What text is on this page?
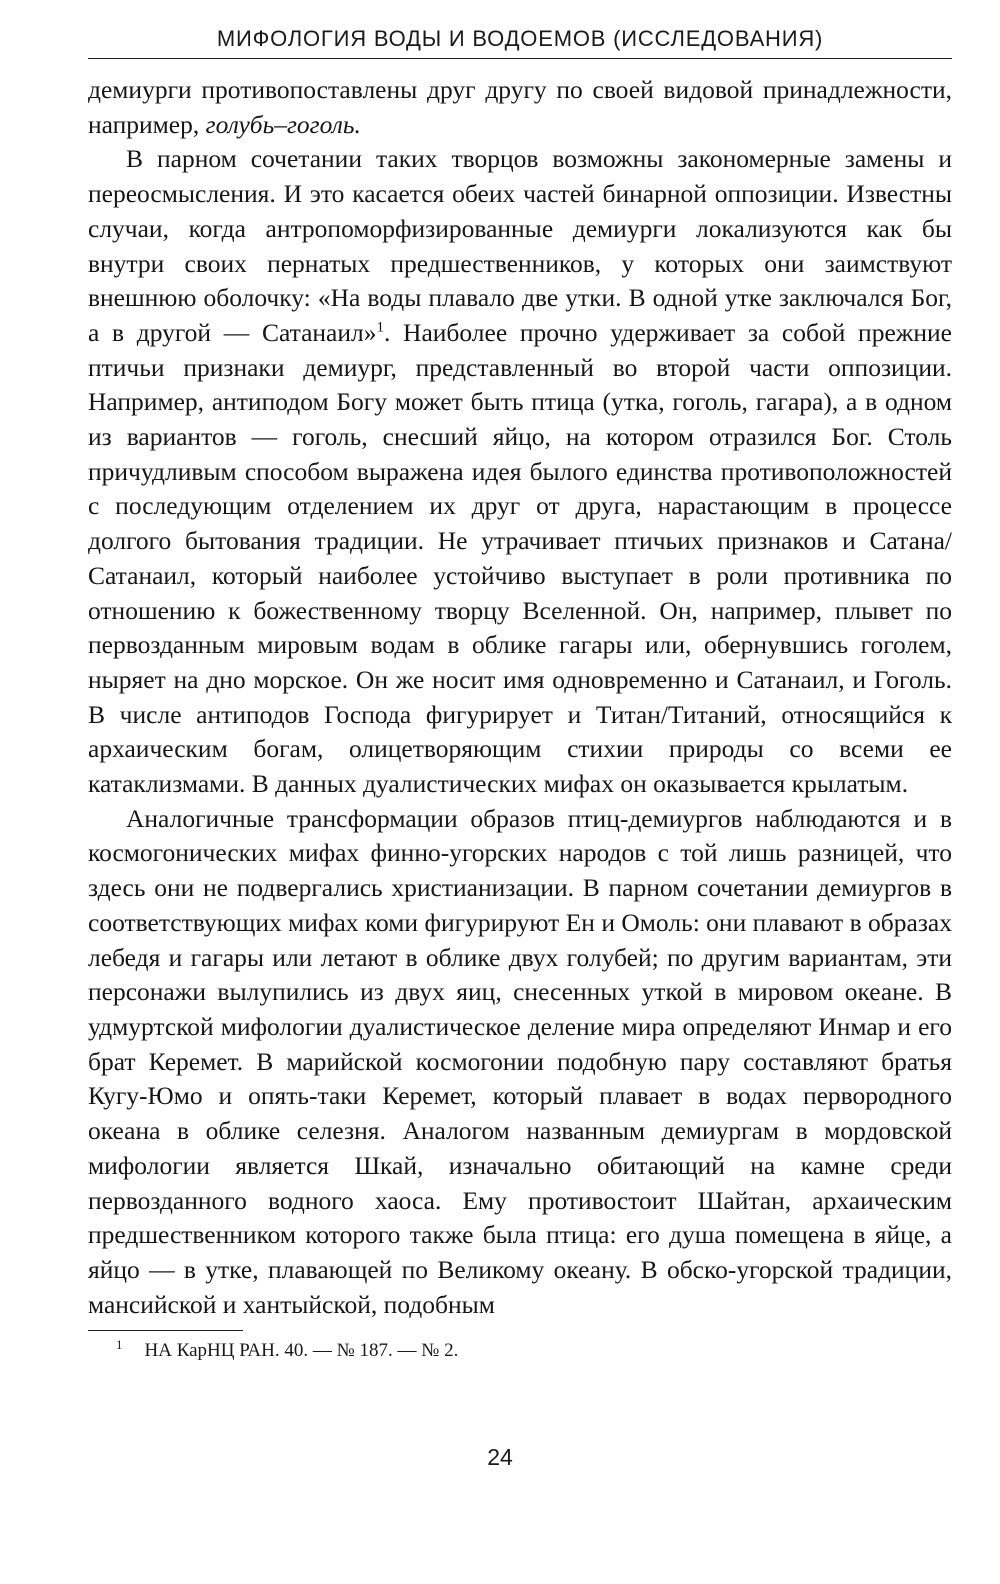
МИФОЛОГИЯ ВОДЫ И ВОДОЕМОВ (ИССЛЕДОВАНИЯ)

демиурги противопоставлены друг другу по своей видовой принадлежности, например, голубь–гоголь.

В парном сочетании таких творцов возможны закономерные замены и переосмысления. И это касается обеих частей бинарной оппозиции. Известны случаи, когда антропоморфизированные демиурги локализуются как бы внутри своих пернатых предшественников, у которых они заимствуют внешнюю оболочку: «На воды плавало две утки. В одной утке заключался Бог, а в другой — Сатанаил»$^1$. Наиболее прочно удерживает за собой прежние птичьи признаки демиург, представленный во второй части оппозиции. Например, антиподом Богу может быть птица (утка, гоголь, гагара), а в одном из вариантов — гоголь, снесший яйцо, на котором отразился Бог. Столь причудливым способом выражена идея былого единства противоположностей с последующим отделением их друг от друга, нарастающим в процессе долгого бытования традиции. Не утрачивает птичьих признаков и Сатана/Сатанаил, который наиболее устойчиво выступает в роли противника по отношению к божественному творцу Вселенной. Он, например, плывет по первозданным мировым водам в облике гагары или, обернувшись гоголем, ныряет на дно морское. Он же носит имя одновременно и Сатанаил, и Гоголь. В числе антиподов Господа фигурирует и Титан/Титаний, относящийся к архаическим богам, олицетворяющим стихии природы со всеми ее катаклизмами. В данных дуалистических мифах он оказывается крылатым.

Аналогичные трансформации образов птиц-демиургов наблюдаются и в космогонических мифах финно-угорских народов с той лишь разницей, что здесь они не подвергались христианизации. В парном сочетании демиургов в соответствующих мифах коми фигурируют Ен и Омоль: они плавают в образах лебедя и гагары или летают в облике двух голубей; по другим вариантам, эти персонажи вылупились из двух яиц, снесенных уткой в мировом океане. В удмуртской мифологии дуалистическое деление мира определяют Инмар и его брат Керемет. В марийской космогонии подобную пару составляют братья Кугу-Юмо и опять-таки Керемет, который плавает в водах первородного океана в облике селезня. Аналогом названным демиургам в мордовской мифологии является Шкай, изначально обитающий на камне среди первозданного водного хаоса. Ему противостоит Шайтан, архаическим предшественником которого также была птица: его душа помещена в яйце, а яйцо — в утке, плавающей по Великому океану. В обско-угорской традиции, мансийской и хантыйской, подобным

$^1$ НА КарНЦ РАН. 40. — № 187. — № 2.
24
